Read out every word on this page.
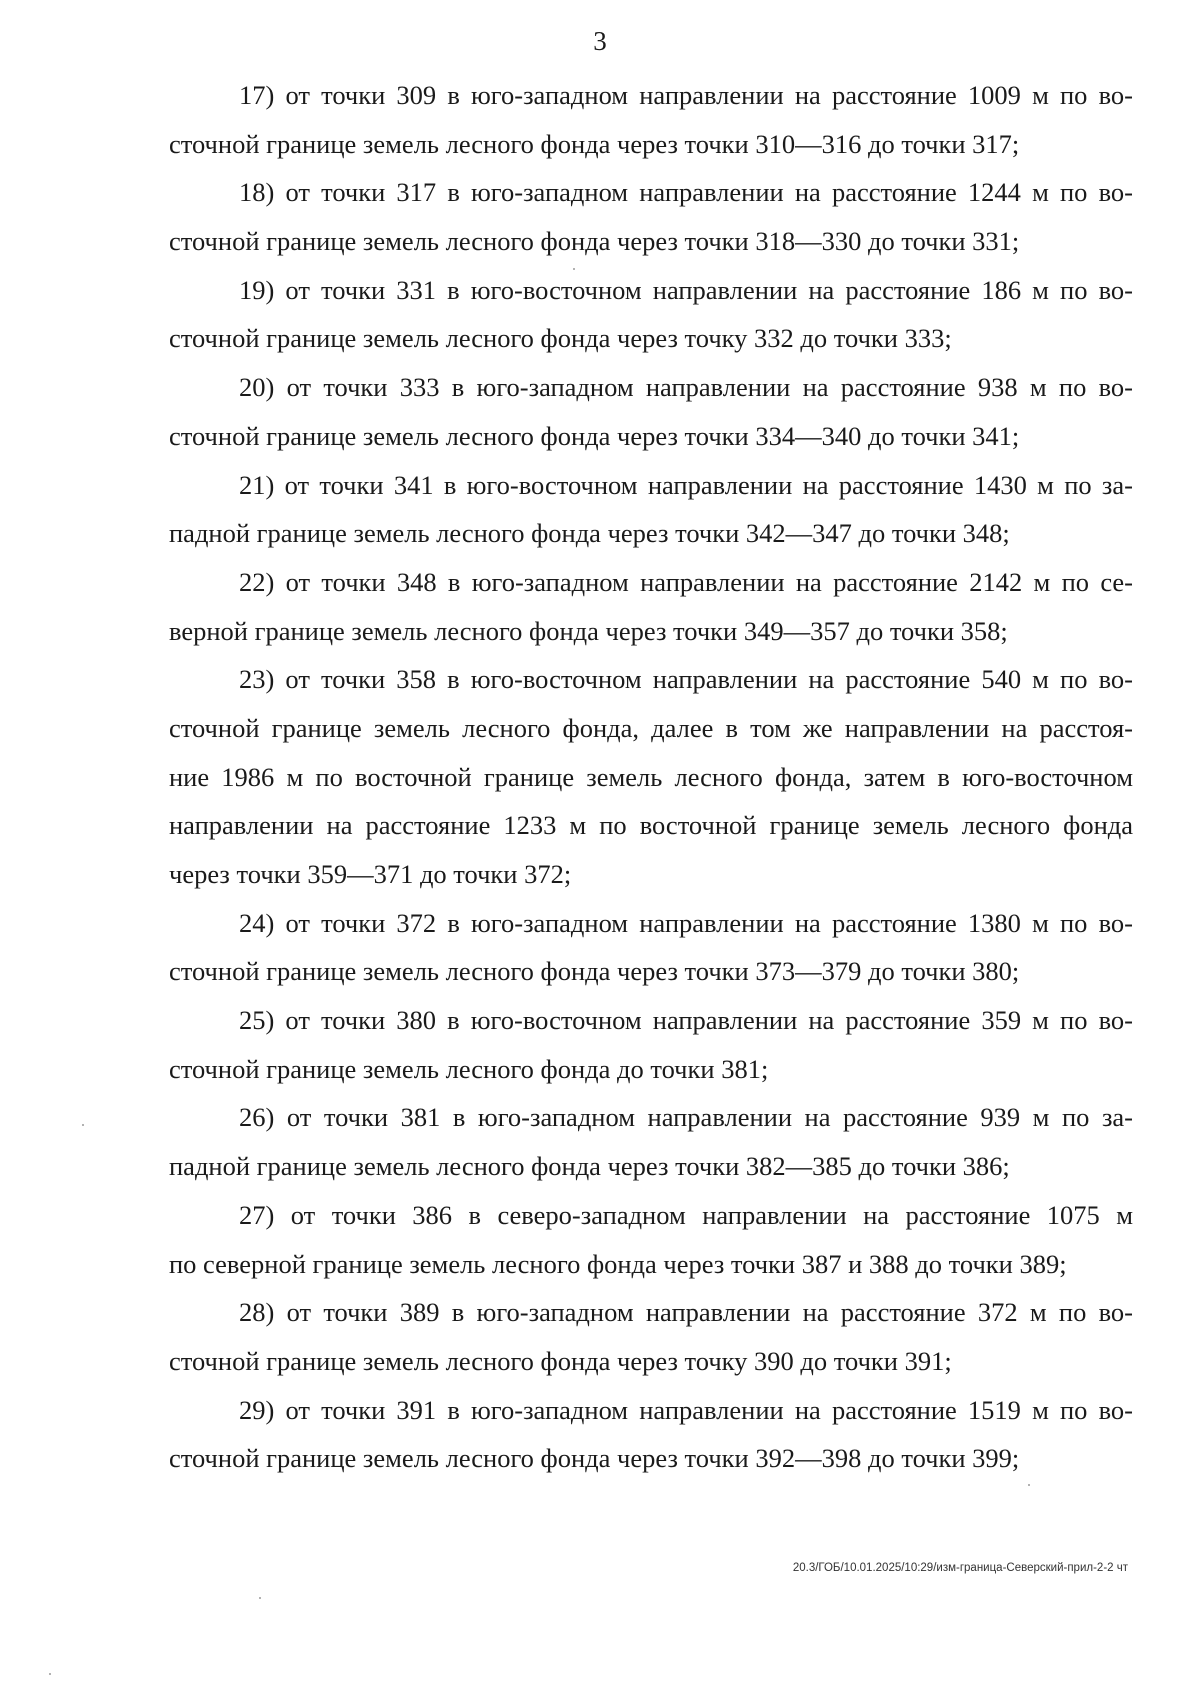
3

17) от точки 309 в юго-западном направлении на расстояние 1009 м по во-
сточной границе земель лесного фонда через точки 310—316 до точки 317;

18) от точки 317 в юго-западном направлении на расстояние 1244 м по во-
сточной границе земель лесного фонда через точки 318—330 до точки 331;

19) от точки 331 в юго-восточном направлении на расстояние 186 м по во-
сточной границе земель лесного фонда через точку 332 до точки 333;

20) от точки 333 в юго-западном направлении на расстояние 938 м по во-
сточной границе земель лесного фонда через точки 334—340 до точки 341;

21) от точки 341 в юго-восточном направлении на расстояние 1430 м по за-
падной границе земель лесного фонда через точки 342—347 до точки 348;

22) от точки 348 в юго-западном направлении на расстояние 2142 м по се-
верной границе земель лесного фонда через точки 349—357 до точки 358;

23) от точки 358 в юго-восточном направлении на расстояние 540 м по во-
сточной границе земель лесного фонда, далее в том же направлении на расстоя-
ние 1986 м по восточной границе земель лесного фонда, затем в юго-восточном
направлении на расстояние 1233 м по восточной границе земель лесного фонда
через точки 359—371 до точки 372;

24) от точки 372 в юго-западном направлении на расстояние 1380 м по во-
сточной границе земель лесного фонда через точки 373—379 до точки 380;

25) от точки 380 в юго-восточном направлении на расстояние 359 м по во-
сточной границе земель лесного фонда до точки 381;

26) от точки 381 в юго-западном направлении на расстояние 939 м по за-
падной границе земель лесного фонда через точки 382—385 до точки 386;

27) от точки 386 в северо-западном направлении на расстояние 1075 м
по северной границе земель лесного фонда через точки 387 и 388 до точки 389;

28) от точки 389 в юго-западном направлении на расстояние 372 м по во-
сточной границе земель лесного фонда через точку 390 до точки 391;

29) от точки 391 в юго-западном направлении на расстояние 1519 м по во-
сточной границе земель лесного фонда через точки 392—398 до точки 399;

20.3/ГОБ/10.01.2025/10:29/изм-граница-Северский-прил-2-2 чт
